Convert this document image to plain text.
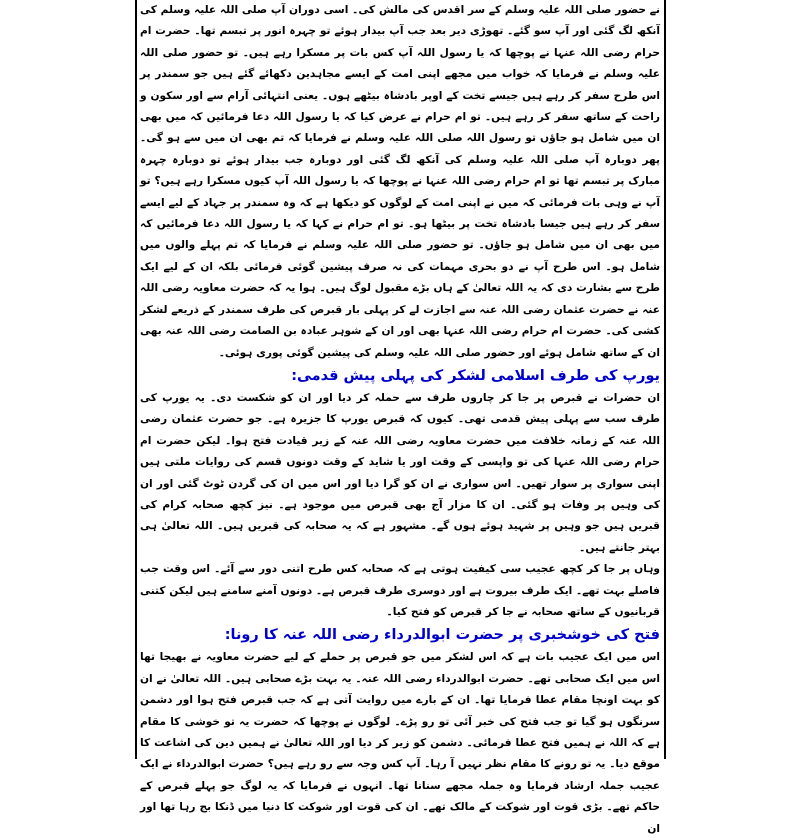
نے حضور صلی اللہ علیہ وسلم کے سر اقدس کی مالش کی۔ اسی دوران آپ صلی اللہ علیہ وسلم کی آنکھ لگ گئی اور آپ سو گئے۔ تھوڑی دیر بعد جب آپ بیدار ہوئے تو چہرہ انور پر تبسم تھا۔ حضرت ام حرام رضی اللہ عنہا نے پوچھا کہ یا رسول اللہ آپ کس بات پر مسکرا رہے ہیں۔ تو حضور صلی اللہ علیہ وسلم نے فرمایا کہ خواب میں مجھے اپنی امت کے ایسے مجاہدین دکھائے گئے ہیں جو سمندر پر اس طرح سفر کر رہے ہیں جیسے تخت کے اوپر بادشاہ بیٹھے ہوں۔ یعنی انتہائی آرام سے اور سکون و راحت کے ساتھ سفر کر رہے ہیں۔ تو ام حرام نے عرض کیا کہ یا رسول اللہ دعا فرمائیں کہ میں بھی ان میں شامل ہو جاؤں تو رسول اللہ صلی اللہ علیہ وسلم نے فرمایا کہ تم بھی ان میں سے ہو گی۔ پھر دوبارہ آپ صلی اللہ علیہ وسلم کی آنکھ لگ گئی اور دوبارہ جب بیدار ہوئے تو دوبارہ چہرہ مبارک پر تبسم تھا تو ام حرام رضی اللہ عنہا نے پوچھا کہ یا رسول اللہ آپ کیوں مسکرا رہے ہیں؟ تو آپ نے وہی بات فرمائی کہ میں نے اپنی امت کے لوگوں کو دیکھا ہے کہ وہ سمندر پر جہاد کے لیے ایسے سفر کر رہے ہیں جیسا بادشاہ تخت پر بیٹھا ہو۔ تو ام حرام نے کہا کہ یا رسول اللہ دعا فرمائیں کہ میں بھی ان میں شامل ہو جاؤں۔ تو حضور صلی اللہ علیہ وسلم نے فرمایا کہ تم پہلے والوں میں شامل ہو۔ اس طرح آپ نے دو بحری مہمات کی نہ صرف پیشین گوئی فرمائی بلکہ ان کے لیے ایک طرح سے بشارت دی کہ یہ اللہ تعالیٰ کے ہاں بڑے مقبول لوگ ہیں۔ ہوا یہ کہ حضرت معاویہ رضی اللہ عنہ نے حضرت عثمان رضی اللہ عنہ سے اجازت لے کر پہلی بار قبرص کی طرف سمندر کے ذریعے لشکر کشی کی۔ حضرت ام حرام رضی اللہ عنہا بھی اور ان کے شوہر عبادہ بن الصامت رضی اللہ عنہ بھی ان کے ساتھ شامل ہوئے اور حضور صلی اللہ علیہ وسلم کی پیشین گوئی پوری ہوئی۔

یورپ کی طرف اسلامی لشکر کی پہلی پیش قدمی:

ان حضرات نے قبرص پر جا کر چاروں طرف سے حملہ کر دیا اور ان کو شکست دی۔ یہ یورپ کی طرف سب سے پہلی پیش قدمی تھی۔ کیوں کہ قبرص یورپ کا جزیرہ ہے۔ جو حضرت عثمان رضی اللہ عنہ کے زمانہ خلافت میں حضرت معاویہ رضی اللہ عنہ کے زیر قیادت فتح ہوا۔ لیکن حضرت ام حرام رضی اللہ عنہا کی تو واپسی کے وقت اور یا شاید کے وقت دونوں قسم کی روایات ملتی ہیں اپنی سواری پر سوار تھیں۔ اس سواری نے ان کو گرا دیا اور اس میں ان کی گردن ٹوٹ گئی اور ان کی وہیں پر وفات ہو گئی۔ ان کا مزار آج بھی قبرص میں موجود ہے۔ نیز کچھ صحابہ کرام کی قبریں ہیں جو وہیں پر شہید ہوئے ہوں گے۔ مشہور ہے کہ یہ صحابہ کی قبریں ہیں۔ اللہ تعالیٰ ہی بہتر جانتے ہیں۔

وہاں پر جا کر کچھ عجیب سی کیفیت ہوتی ہے کہ صحابہ کس طرح اتنی دور سے آئے۔ اس وقت جب فاصلے بہت تھے۔ ایک طرف بیروت ہے اور دوسری طرف قبرص ہے۔ دونوں آمنے سامنے ہیں لیکن کتنی قربانیوں کے ساتھ صحابہ نے جا کر قبرص کو فتح کیا۔

فتح کی خوشخبری پر حضرت ابوالدرداء رضی اللہ عنہ کا رونا:

اس میں ایک عجیب بات ہے کہ اس لشکر میں جو قبرص پر حملے کے لیے حضرت معاویہ نے بھیجا تھا اس میں ایک صحابی تھے۔ حضرت ابوالدرداء رضی اللہ عنہ۔ یہ بہت بڑے صحابی ہیں۔ اللہ تعالیٰ نے ان کو بہت اونچا مقام عطا فرمایا تھا۔ ان کے بارے میں روایت آتی ہے کہ جب قبرص فتح ہوا اور دشمن سرنگوں ہو گیا تو جب فتح کی خبر آئی تو رو پڑے۔ لوگوں نے پوچھا کہ حضرت یہ تو خوشی کا مقام ہے کہ اللہ نے ہمیں فتح عطا فرمائی۔ دشمن کو زیر کر دیا اور اللہ تعالیٰ نے ہمیں دین کی اشاعت کا موقع دیا۔ یہ تو رونے کا مقام نظر نہیں آ رہا۔ آپ کس وجہ سے رو رہے ہیں؟ حضرت ابوالدرداء نے ایک عجیب جملہ ارشاد فرمایا وہ جملہ مجھے سنانا تھا۔ انہوں نے فرمایا کہ یہ لوگ جو پہلے قبرص کے حاکم تھے۔ بڑی قوت اور شوکت کے مالک تھے۔ ان کی قوت اور شوکت کا دنیا میں ڈنکا بج رہا تھا اور ان
